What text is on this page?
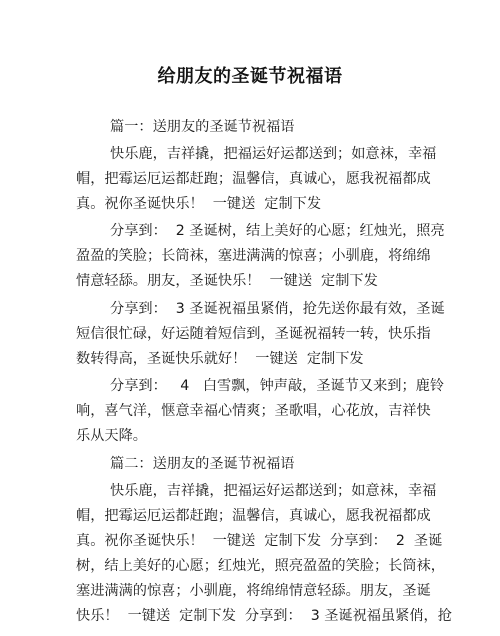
给朋友的圣诞节祝福语
篇一：送朋友的圣诞节祝福语
快乐鹿，吉祥撬，把福运好运都送到；如意袜，幸福
帽，把霉运厄运都赶跑；温馨信，真诚心，愿我祝福都成
真。祝你圣诞快乐！  一键送  定制下发
分享到：  2 圣诞树，结上美好的心愿；红烛光，照亮
盈盈的笑脸；长筒袜，塞进满满的惊喜；小驯鹿，将绵绵
情意轻舔。朋友，圣诞快乐！  一键送  定制下发
分享到：  3 圣诞祝福虽紧俏，抢先送你最有效，圣诞
短信很忙碌，好运随着短信到，圣诞祝福转一转，快乐指
数转得高，圣诞快乐就好！  一键送  定制下发
分享到：   4   白雪飘，钟声敲，圣诞节又来到；鹿铃
响，喜气洋，惬意幸福心情爽；圣歌唱，心花放，吉祥快
乐从天降。
篇二：送朋友的圣诞节祝福语
快乐鹿，吉祥撬，把福运好运都送到；如意袜，幸福
帽，把霉运厄运都赶跑；温馨信，真诚心，愿我祝福都成
真。祝你圣诞快乐！  一键送  定制下发  分享到：  2  圣诞
树，结上美好的心愿；红烛光，照亮盈盈的笑脸；长筒袜，
塞进满满的惊喜；小驯鹿，将绵绵情意轻舔。朋友，圣诞
快乐！  一键送  定制下发  分享到：  3 圣诞祝福虽紧俏，抢
